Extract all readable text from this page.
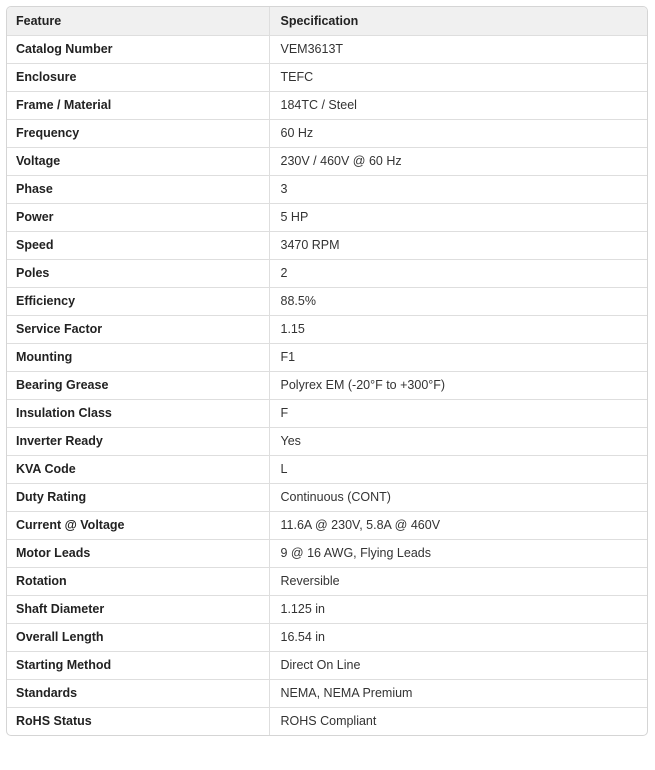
Feature	Specification
Catalog Number	VEM3613T
Enclosure	TEFC
Frame / Material	184TC / Steel
Frequency	60 Hz
Voltage	230V / 460V @ 60 Hz
Phase	3
Power	5 HP
Speed	3470 RPM
Poles	2
Efficiency	88.5%
Service Factor	1.15
Mounting	F1
Bearing Grease	Polyrex EM (-20°F to +300°F)
Insulation Class	F
Inverter Ready	Yes
KVA Code	L
Duty Rating	Continuous (CONT)
Current @ Voltage	11.6A @ 230V, 5.8A @ 460V
Motor Leads	9 @ 16 AWG, Flying Leads
Rotation	Reversible
Shaft Diameter	1.125 in
Overall Length	16.54 in
Starting Method	Direct On Line
Standards	NEMA, NEMA Premium
RoHS Status	ROHS Compliant
